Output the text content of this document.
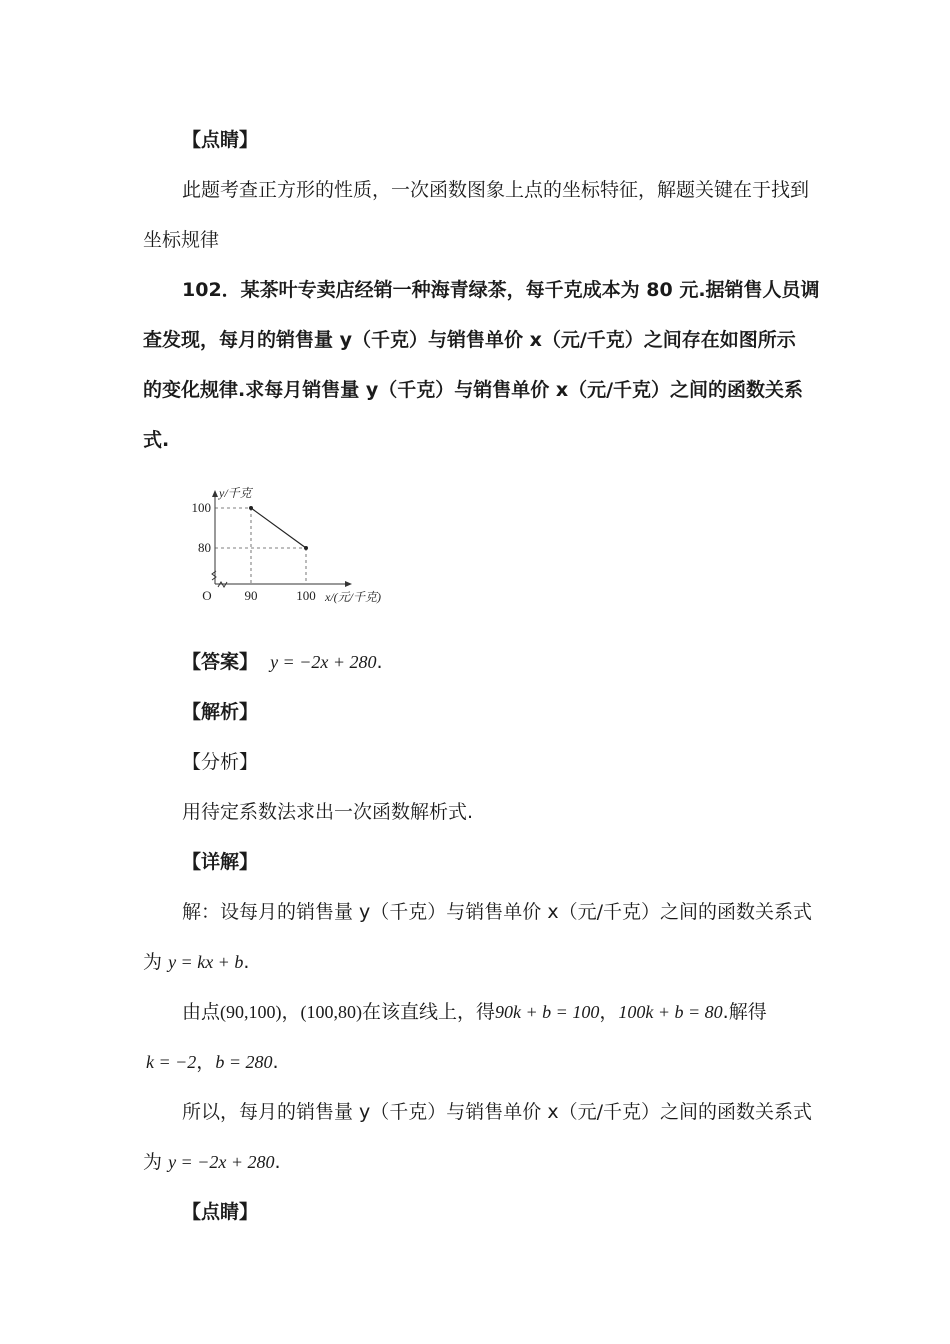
【点睛】
此题考查正方形的性质，一次函数图象上点的坐标特征，解题关键在于找到
坐标规律
102．某茶叶专卖店经销一种海青绿茶，每千克成本为 80 元.据销售人员调
查发现，每月的销售量 y（千克）与销售单价 x（元/千克）之间存在如图所示
的变化规律.求每月销售量 y（千克）与销售单价 x（元/千克）之间的函数关系
式.
100
80
90	100
O
y/千克
x/(元/千克)
【答案】 y = −2x + 280.
【解析】
【分析】
用待定系数法求出一次函数解析式.
【详解】
解：设每月的销售量 y（千克）与销售单价 x（元/千克）之间的函数关系式
为 y = kx + b.
由点(90,100)，(100,80)在该直线上，得90k + b = 100，100k + b = 80.解得
k = −2，b = 280.
所以，每月的销售量 y（千克）与销售单价 x（元/千克）之间的函数关系式
为 y = −2x + 280.
【点睛】
